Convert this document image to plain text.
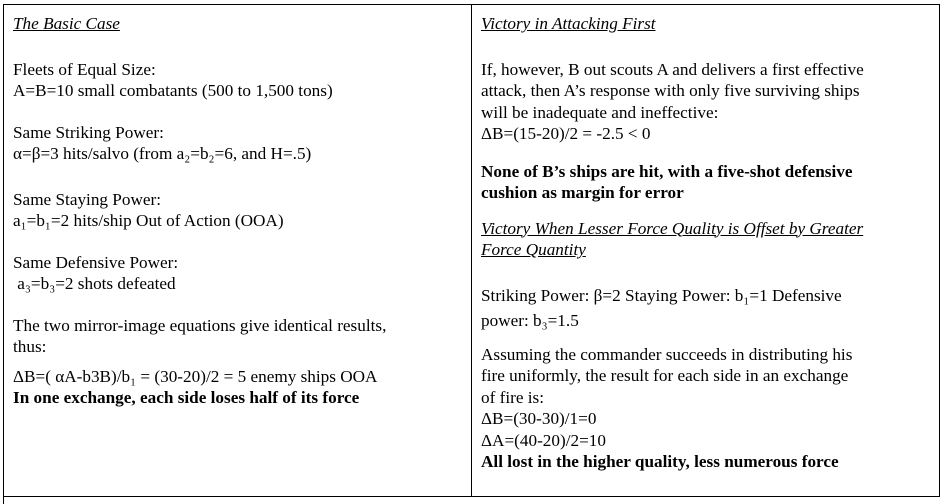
The Basic Case
Fleets of Equal Size:
A=B=10 small combatants (500 to 1,500 tons)
Same Striking Power:
α=β=3 hits/salvo (from a₂=b₂=6, and H=.5)
Same Staying Power:
a₁=b₁=2 hits/ship Out of Action (OOA)
Same Defensive Power:
a₃=b₃=2 shots defeated
The two mirror-image equations give identical results,
thus:
ΔB=( αA-b3B)/b₁ = (30-20)/2 = 5 enemy ships OOA
In one exchange, each side loses half of its force
Victory in Attacking First
If, however, B out scouts A and delivers a first effective
attack, then A’s response with only five surviving ships
will be inadequate and ineffective:
ΔB=(15-20)/2 = -2.5 < 0
None of B’s ships are hit, with a five-shot defensive
cushion as margin for error
Victory When Lesser Force Quality is Offset by Greater
Force Quantity
Striking Power: β=2 Staying Power: b₁=1 Defensive
power: b₃=1.5
Assuming the commander succeeds in distributing his
fire uniformly, the result for each side in an exchange
of fire is:
ΔB=(30-30)/1=0
ΔA=(40-20)/2=10
All lost in the higher quality, less numerous force
